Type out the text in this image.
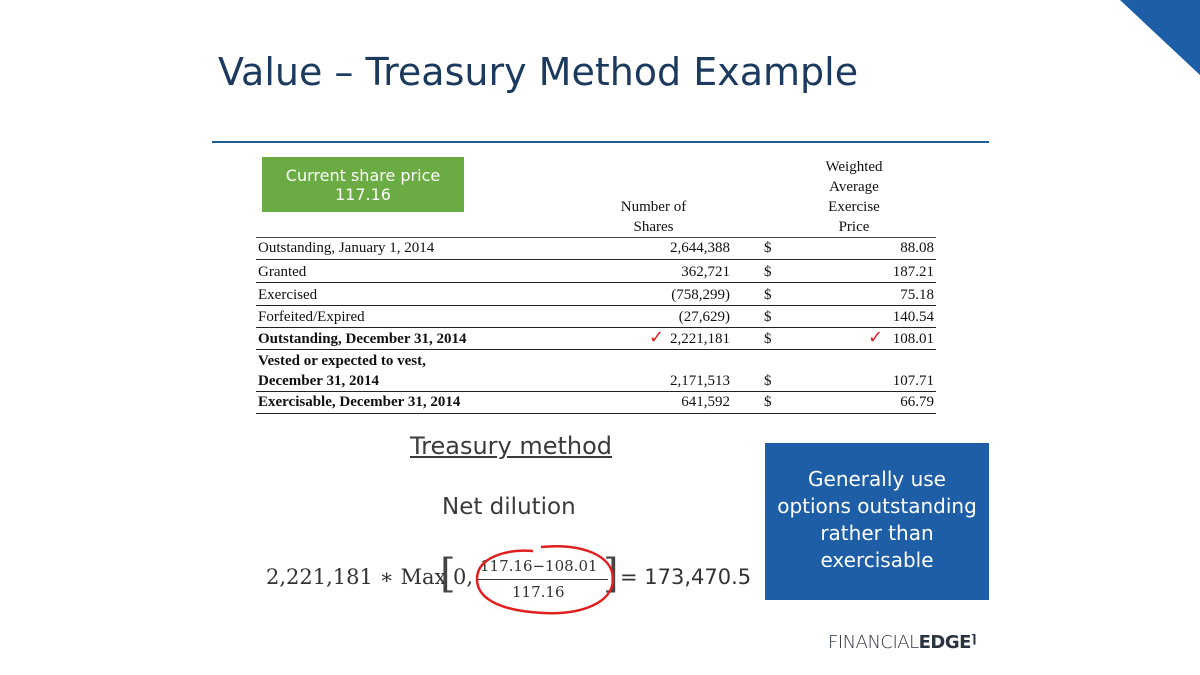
Value – Treasury Method Example
Current share price
117.16
Number of
Shares
Weighted
Average
Exercise
Price
Outstanding, January 1, 2014	2,644,388 $	88.08
Granted	362,721 $	187.21
Exercised	(758,299) $	75.18
Forfeited/Expired	(27,629) $	140.54
Outstanding, December 31, 2014	2,221,181 $	108.01
Vested or expected to vest,
December 31, 2014	2,171,513 $	107.71
Exercisable, December 31, 2014	641,592 $	66.79
✓	✓
Treasury method
Net dilution
2,221,181 ∗ Max
[
0, 117.16−108.01
117.16 ] = 173,470.5
Generally use options outstanding rather than exercisable
FINANCIALEDGE⌉
